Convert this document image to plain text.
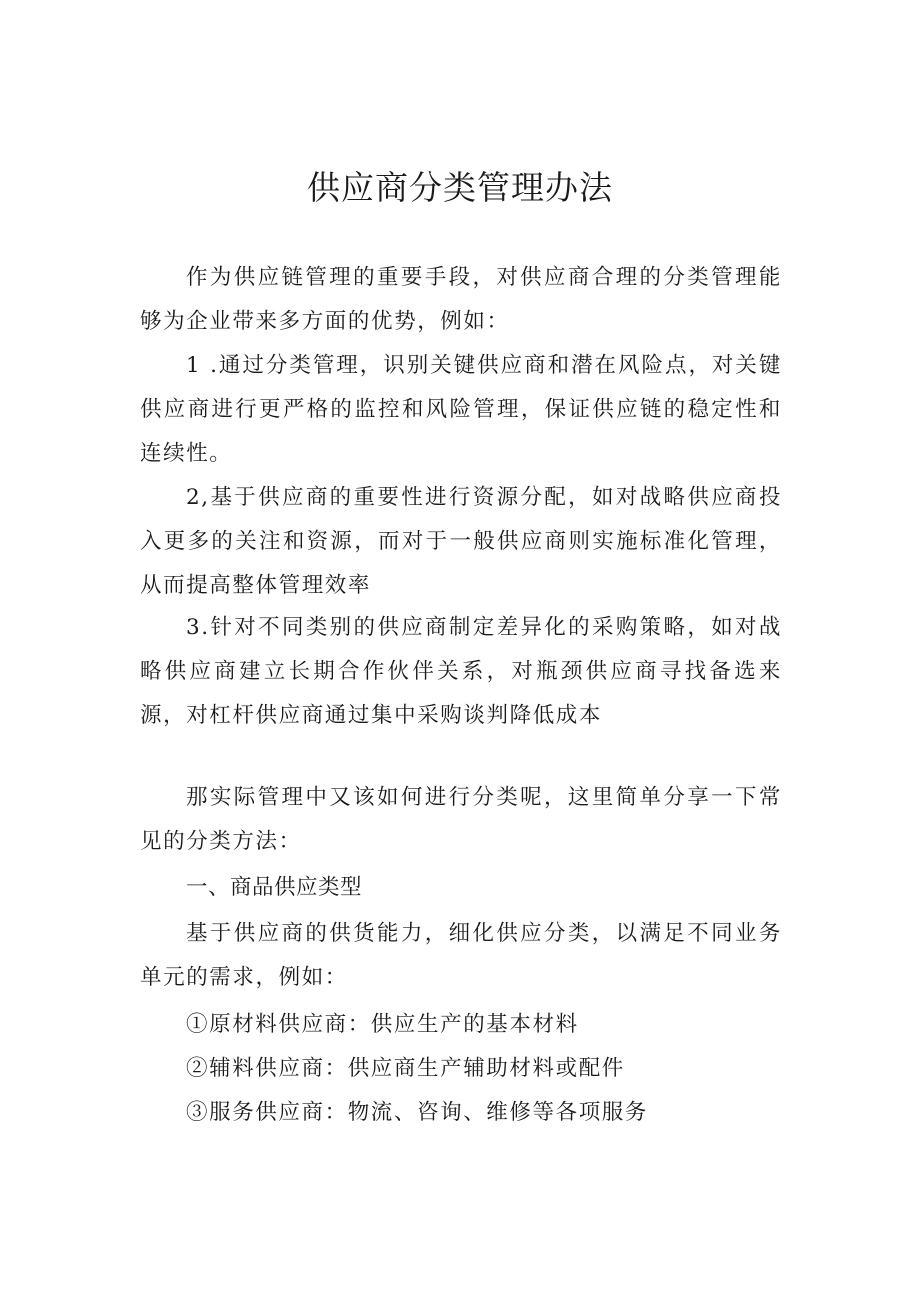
供应商分类管理办法

作为供应链管理的重要手段，对供应商合理的分类管理能够为企业带来多方面的优势，例如：

1 .通过分类管理，识别关键供应商和潜在风险点，对关键供应商进行更严格的监控和风险管理，保证供应链的稳定性和连续性。

2,基于供应商的重要性进行资源分配，如对战略供应商投入更多的关注和资源，而对于一般供应商则实施标准化管理，从而提高整体管理效率

3.针对不同类别的供应商制定差异化的采购策略，如对战略供应商建立长期合作伙伴关系，对瓶颈供应商寻找备选来源，对杠杆供应商通过集中采购谈判降低成本

那实际管理中又该如何进行分类呢，这里简单分享一下常见的分类方法：

一、商品供应类型

基于供应商的供货能力，细化供应分类，以满足不同业务单元的需求，例如：

①原材料供应商：供应生产的基本材料

②辅料供应商：供应商生产辅助材料或配件

③服务供应商：物流、咨询、维修等各项服务
